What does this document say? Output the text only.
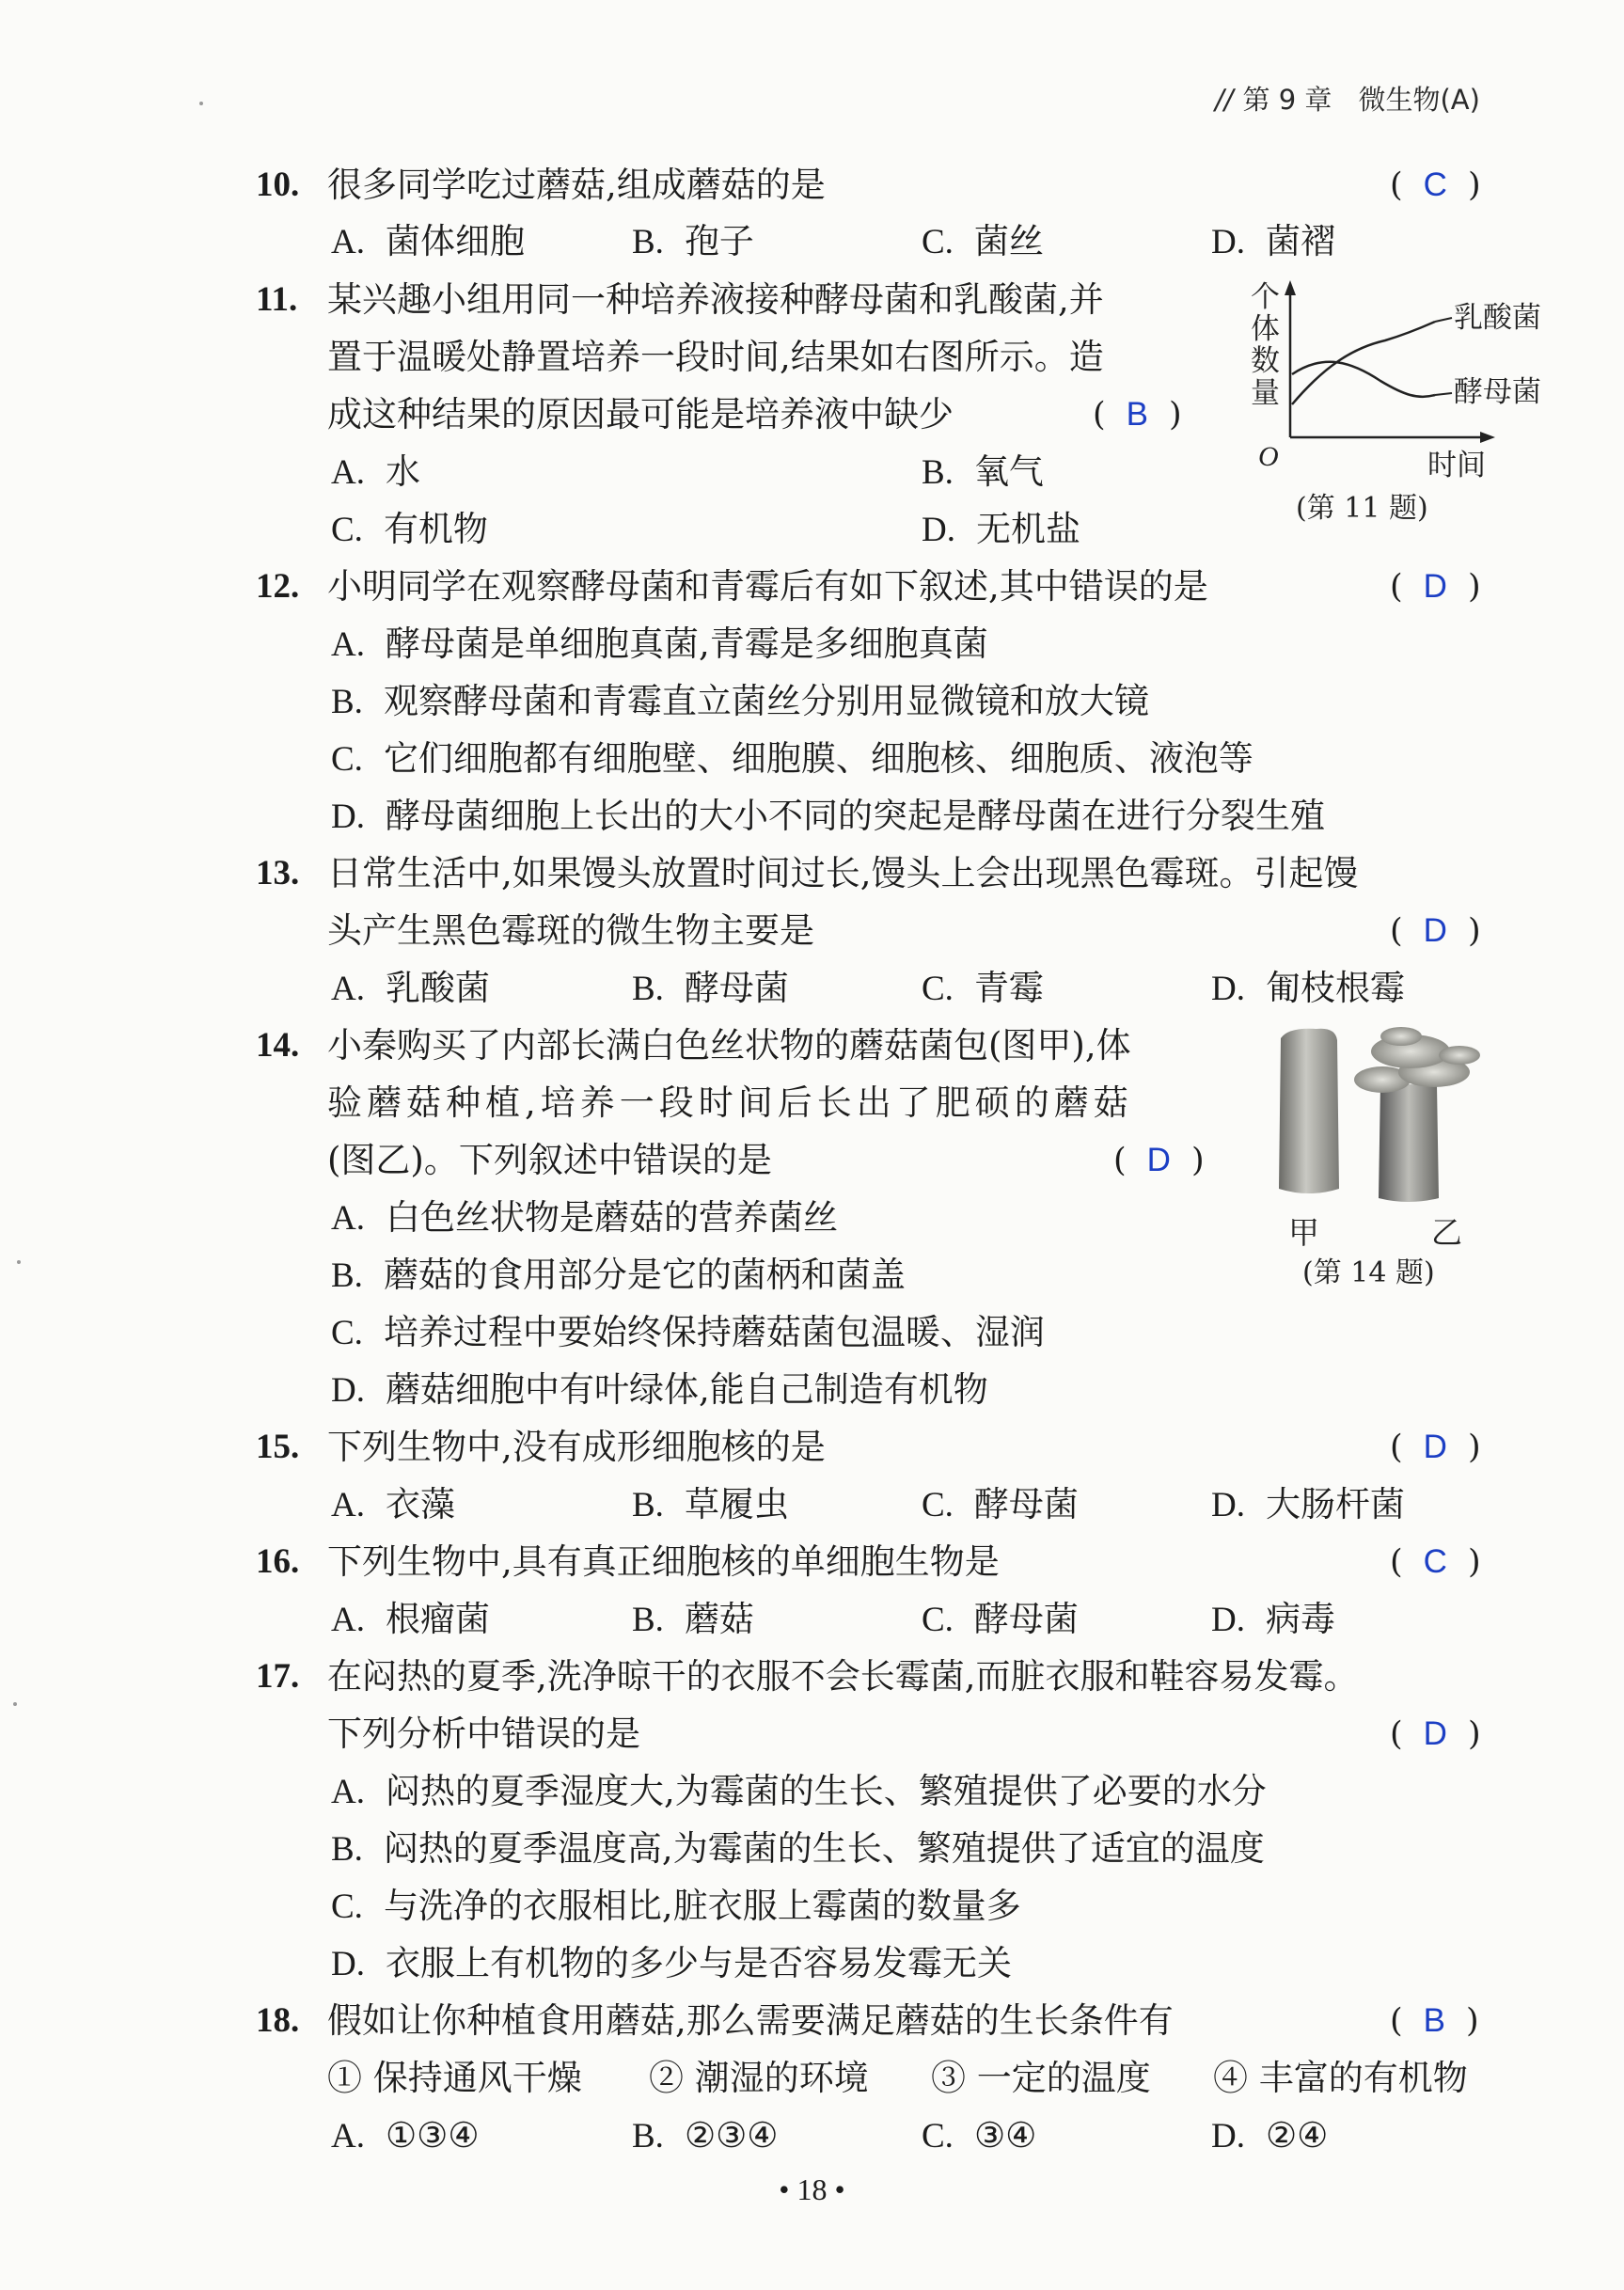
// 第 9 章 微生物(A)
10. 很多同学吃过蘑菇,组成蘑菇的是	( C )
A. 菌体细胞	B. 孢子	C. 菌丝	D. 菌褶
11. 某兴趣小组用同一种培养液接种酵母菌和乳酸菌,并
置于温暖处静置培养一段时间,结果如右图所示。造
成这种结果的原因最可能是培养液中缺少	( B )
A. 水	B. 氧气
C. 有机物	D. 无机盐
个
体
数
量
O	时间
乳酸菌
酵母菌
(第 11 题)
12. 小明同学在观察酵母菌和青霉后有如下叙述,其中错误的是	( D )
A. 酵母菌是单细胞真菌,青霉是多细胞真菌
B. 观察酵母菌和青霉直立菌丝分别用显微镜和放大镜
C. 它们细胞都有细胞壁、细胞膜、细胞核、细胞质、液泡等
D. 酵母菌细胞上长出的大小不同的突起是酵母菌在进行分裂生殖
13. 日常生活中,如果馒头放置时间过长,馒头上会出现黑色霉斑。引起馒
头产生黑色霉斑的微生物主要是	( D )
A. 乳酸菌	B. 酵母菌	C. 青霉	D. 匍枝根霉
14. 小秦购买了内部长满白色丝状物的蘑菇菌包(图甲),体
验蘑菇种植,培养一段时间后长出了肥硕的蘑菇
(图乙)。下列叙述中错误的是	( D )
A. 白色丝状物是蘑菇的营养菌丝
B. 蘑菇的食用部分是它的菌柄和菌盖
C. 培养过程中要始终保持蘑菇菌包温暖、湿润
D. 蘑菇细胞中有叶绿体,能自己制造有机物
甲	乙
(第 14 题)
15. 下列生物中,没有成形细胞核的是	( D )
A. 衣藻	B. 草履虫	C. 酵母菌	D. 大肠杆菌
16. 下列生物中,具有真正细胞核的单细胞生物是	( C )
A. 根瘤菌	B. 蘑菇	C. 酵母菌	D. 病毒
17. 在闷热的夏季,洗净晾干的衣服不会长霉菌,而脏衣服和鞋容易发霉。
下列分析中错误的是	( D )
A. 闷热的夏季湿度大,为霉菌的生长、繁殖提供了必要的水分
B. 闷热的夏季温度高,为霉菌的生长、繁殖提供了适宜的温度
C. 与洗净的衣服相比,脏衣服上霉菌的数量多
D. 衣服上有机物的多少与是否容易发霉无关
18. 假如让你种植食用蘑菇,那么需要满足蘑菇的生长条件有	( B )
① 保持通风干燥 ② 潮湿的环境 ③ 一定的温度 ④ 丰富的有机物
A. ①③④	B. ②③④	C. ③④	D. ②④
• 18 •
